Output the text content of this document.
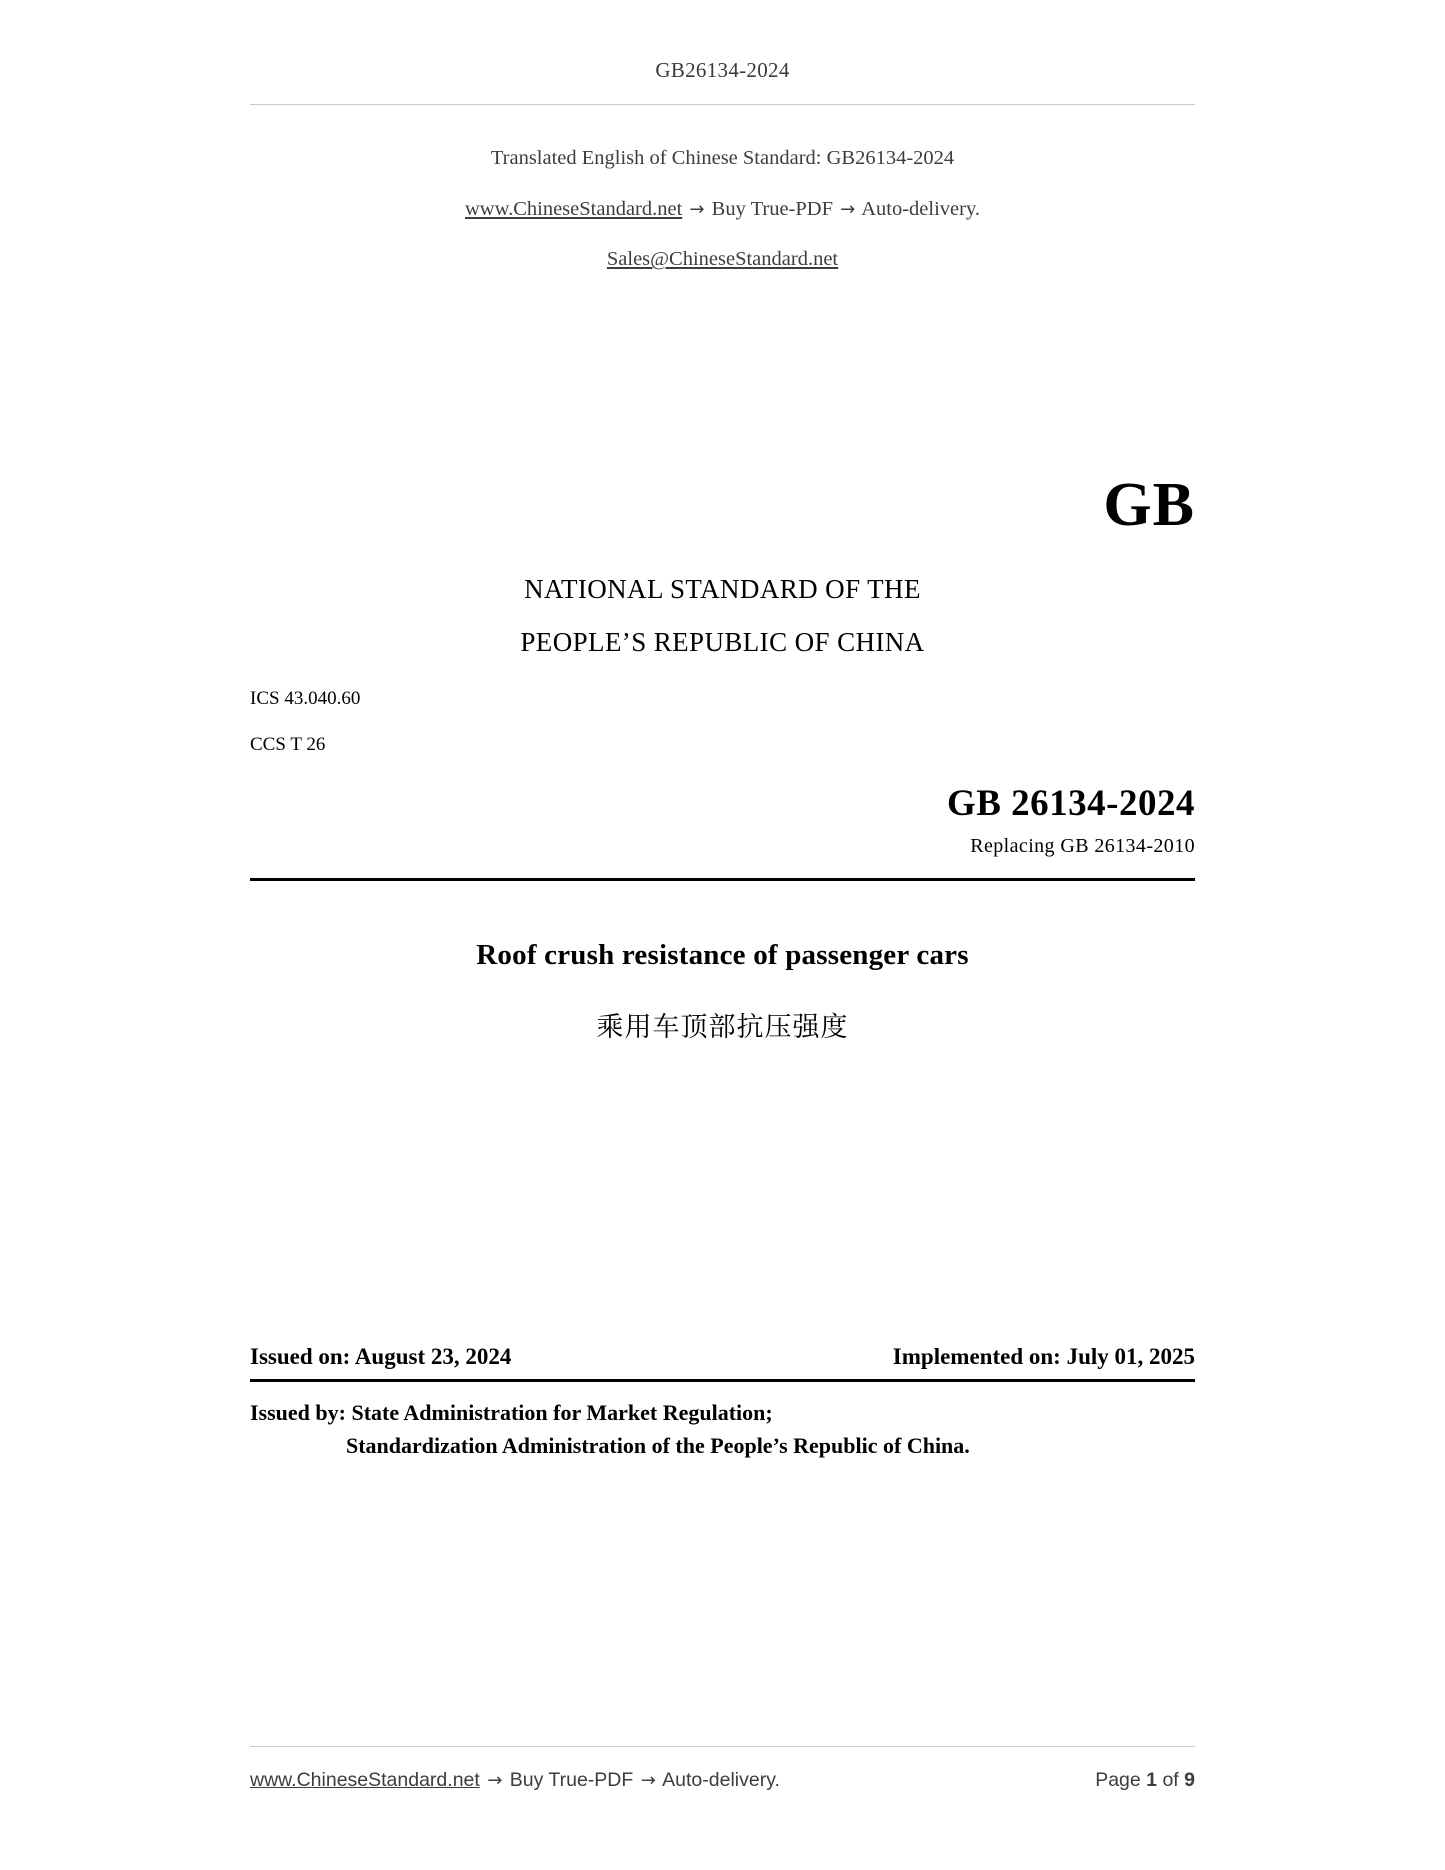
GB26134-2024
Translated English of Chinese Standard: GB26134-2024
www.ChineseStandard.net → Buy True-PDF → Auto-delivery.
Sales@ChineseStandard.net
GB
NATIONAL STANDARD OF THE
PEOPLE’S REPUBLIC OF CHINA
ICS 43.040.60
CCS T 26
GB 26134-2024
Replacing GB 26134-2010
Roof crush resistance of passenger cars
乘用车顶部抗压强度
Issued on: August 23, 2024	Implemented on: July 01, 2025
Issued by: State Administration for Market Regulation;
Standardization Administration of the People’s Republic of China.
www.ChineseStandard.net → Buy True-PDF → Auto-delivery.	Page 1 of 9
